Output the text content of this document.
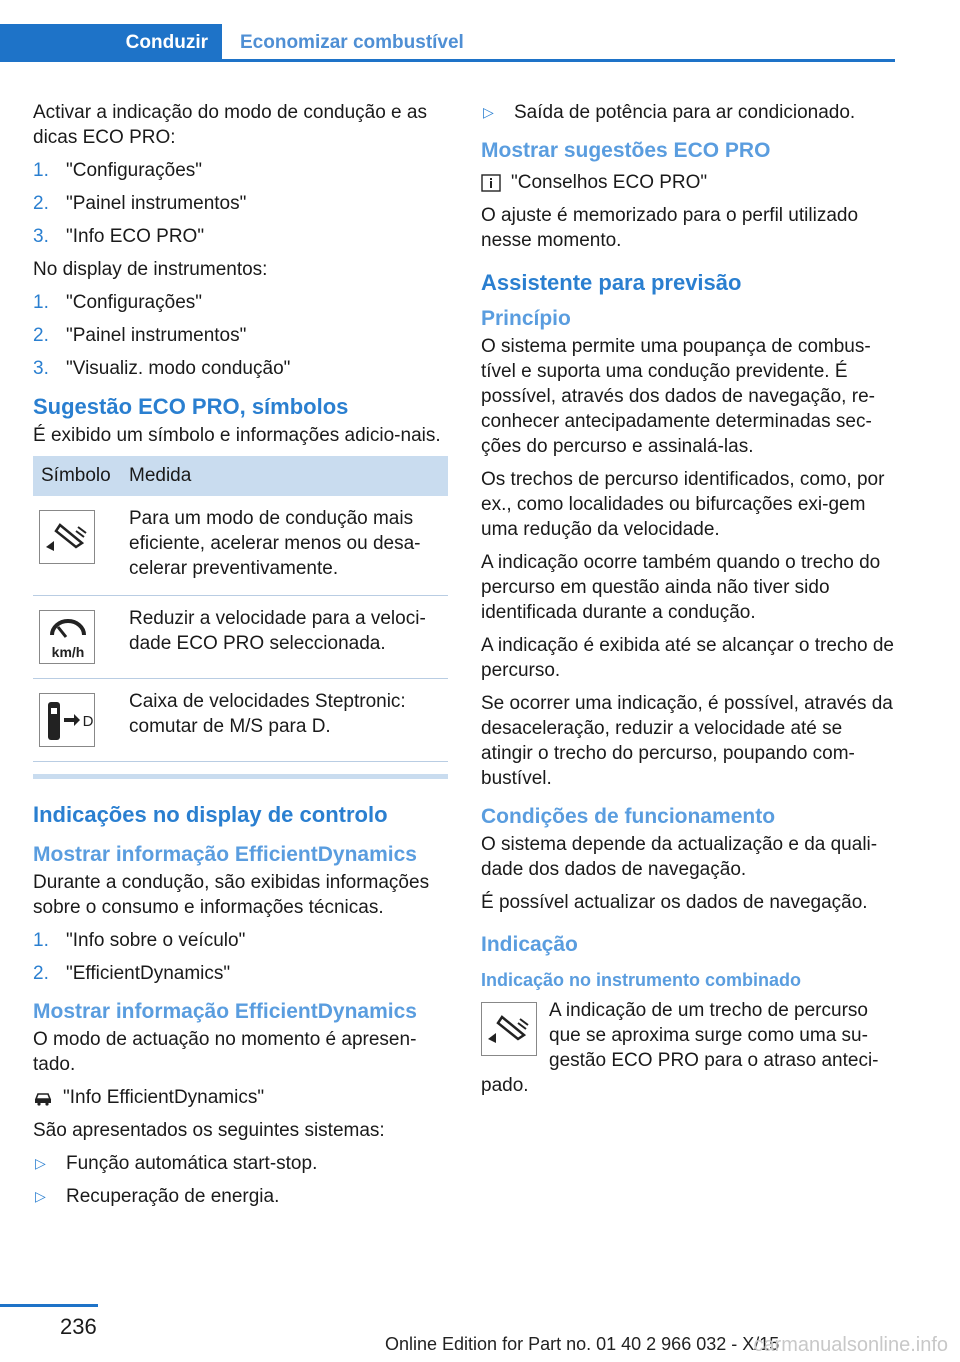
Conduzir	Economizar combustível

Activar a indicação do modo de condução e as dicas ECO PRO:

1. "Configurações"
2. "Painel instrumentos"
3. "Info ECO PRO"

No display de instrumentos:

1. "Configurações"
2. "Painel instrumentos"
3. "Visualiz. modo condução"
Sugestão ECO PRO, símbolos

É exibido um símbolo e informações adicio‐nais.

Símbolo	Medida

	Para um modo de condução mais eficiente, acelerar menos ou desa‐celerar preventivamente.

km/h	Reduzir a velocidade para a veloci‐dade ECO PRO seleccionada.

D	Caixa de velocidades Steptronic: comutar de M/S para D.
Indicações no display de controlo
Mostrar informação EfficientDynamics

Durante a condução, são exibidas informações sobre o consumo e informações técnicas.

1. "Info sobre o veículo"
2. "EfficientDynamics"
Mostrar informação EfficientDynamics

O modo de actuação no momento é apresen‐tado.

"Info EfficientDynamics"

São apresentados os seguintes sistemas:

▷ Função automática start-stop.
▷ Recuperação de energia.
▷ Saída de potência para ar condicionado.
Mostrar sugestões ECO PRO
"Conselhos ECO PRO"

O ajuste é memorizado para o perfil utilizado nesse momento.

Assistente para previsão
Princípio

O sistema permite uma poupança de combus‐tível e suporta uma condução previdente. É possível, através dos dados de navegação, re‐conhecer antecipadamente determinadas sec‐ções do percurso e assinalá-las.

Os trechos de percurso identificados, como, por ex., como localidades ou bifurcações exi‐gem uma redução da velocidade.

A indicação ocorre também quando o trecho do percurso em questão ainda não tiver sido identificada durante a condução.

A indicação é exibida até se alcançar o trecho de percurso.

Se ocorrer uma indicação, é possível, através da desaceleração, reduzir a velocidade até se atingir o trecho do percurso, poupando com‐bustível.

Condições de funcionamento

O sistema depende da actualização e da quali‐dade dos dados de navegação.

É possível actualizar os dados de navegação.

Indicação
Indicação no instrumento combinado

A indicação de um trecho de percurso que se aproxima surge como uma su‐gestão ECO PRO para o atraso anteci‐pado.

236
Online Edition for Part no. 01 40 2 966 032 - X/15
carmanualsonline.info
